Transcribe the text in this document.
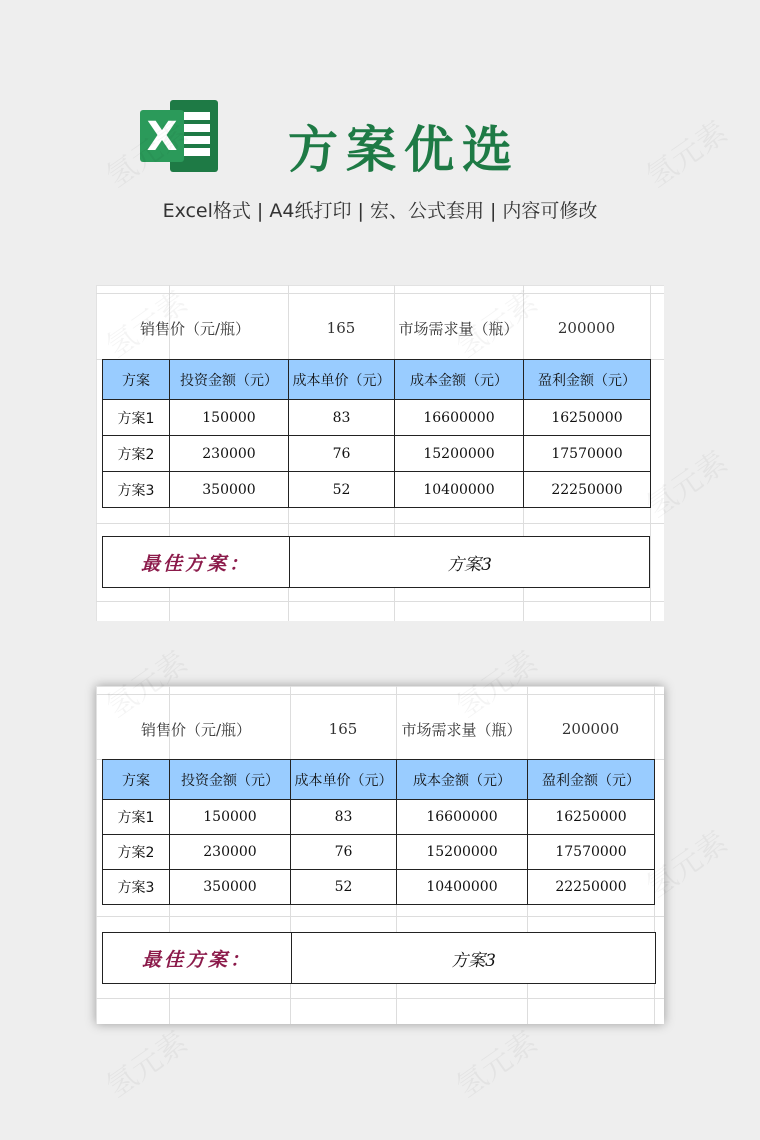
X 方案优选
Excel格式 | A4纸打印 | 宏、公式套用 | 内容可修改
销售价（元/瓶）	165	市场需求量（瓶）	200000
方案	投资金额（元）	成本单价（元）	成本金额（元）	盈利金额（元）
方案1	150000	83	16600000	16250000
方案2	230000	76	15200000	17570000
方案3	350000	52	10400000	22250000
最佳方案：	方案3
销售价（元/瓶）	165	市场需求量（瓶）	200000
方案	投资金额（元）	成本单价（元）	成本金额（元）	盈利金额（元）
方案1	150000	83	16600000	16250000
方案2	230000	76	15200000	17570000
方案3	350000	52	10400000	22250000
最佳方案：	方案3
